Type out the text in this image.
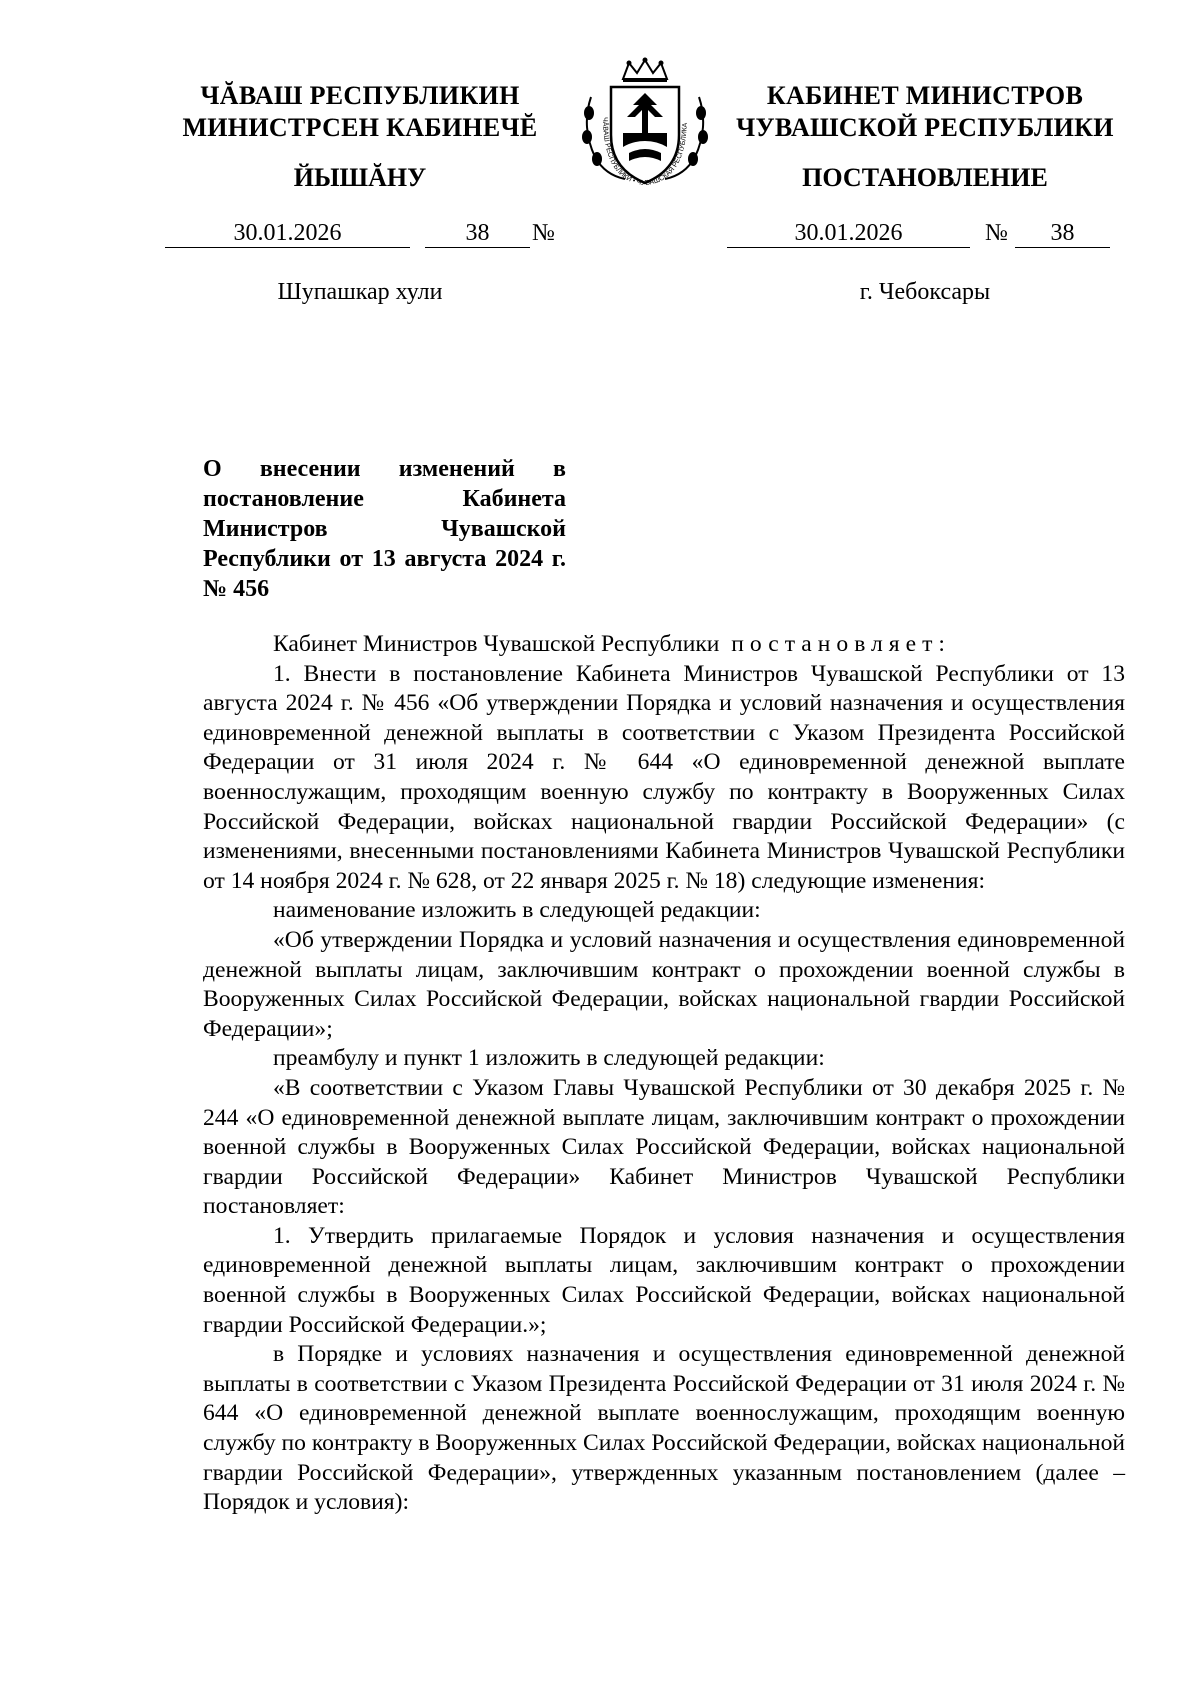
ЧĂВАШ РЕСПУБЛИКИН
МИНИСТРСЕН КАБИНЕЧĔ
КАБИНЕТ МИНИСТРОВ
ЧУВАШСКОЙ РЕСПУБЛИКИ
ЧĂВАШ РЕСПУБЛИКИ • ЧУВАШСКАЯ РЕСПУБЛИКА
ЙЫШĂНУ	ПОСТАНОВЛЕНИЕ
30.01.2026	38	№	30.01.2026	№	38
Шупашкар хули	г. Чебоксары
О внесении изменений в постановление Кабинета Министров Чувашской Республики от 13 августа 2024 г. № 456

Кабинет Министров Чувашской Республики постановляет:

1. Внести в постановление Кабинета Министров Чувашской Республики от 13 августа 2024 г. № 456 «Об утверждении Порядка и условий назначения и осуществления единовременной денежной выплаты в соответствии с Указом Президента Российской Федерации от 31 июля 2024 г. № 644 «О единовременной денежной выплате военнослужащим, проходящим военную службу по контракту в Вооруженных Силах Российской Федерации, войсках национальной гвардии Российской Федерации» (с изменениями, внесенными постановлениями Кабинета Министров Чувашской Республики от 14 ноября 2024 г. № 628, от 22 января 2025 г. № 18) следующие изменения:

наименование изложить в следующей редакции:

«Об утверждении Порядка и условий назначения и осуществления единовременной денежной выплаты лицам, заключившим контракт о прохождении военной службы в Вооруженных Силах Российской Федерации, войсках национальной гвардии Российской Федерации»;

преамбулу и пункт 1 изложить в следующей редакции:

«В соответствии с Указом Главы Чувашской Республики от 30 декабря 2025 г. № 244 «О единовременной денежной выплате лицам, заключившим контракт о прохождении военной службы в Вооруженных Силах Российской Федерации, войсках национальной гвардии Российской Федерации» Кабинет Министров Чувашской Республики постановляет:

1. Утвердить прилагаемые Порядок и условия назначения и осуществления единовременной денежной выплаты лицам, заключившим контракт о прохождении военной службы в Вооруженных Силах Российской Федерации, войсках национальной гвардии Российской Федерации.»;

в Порядке и условиях назначения и осуществления единовременной денежной выплаты в соответствии с Указом Президента Российской Федерации от 31 июля 2024 г. № 644 «О единовременной денежной выплате военнослужащим, проходящим военную службу по контракту в Вооруженных Силах Российской Федерации, войсках национальной гвардии Российской Федерации», утвержденных указанным постановлением (далее – Порядок и условия):
